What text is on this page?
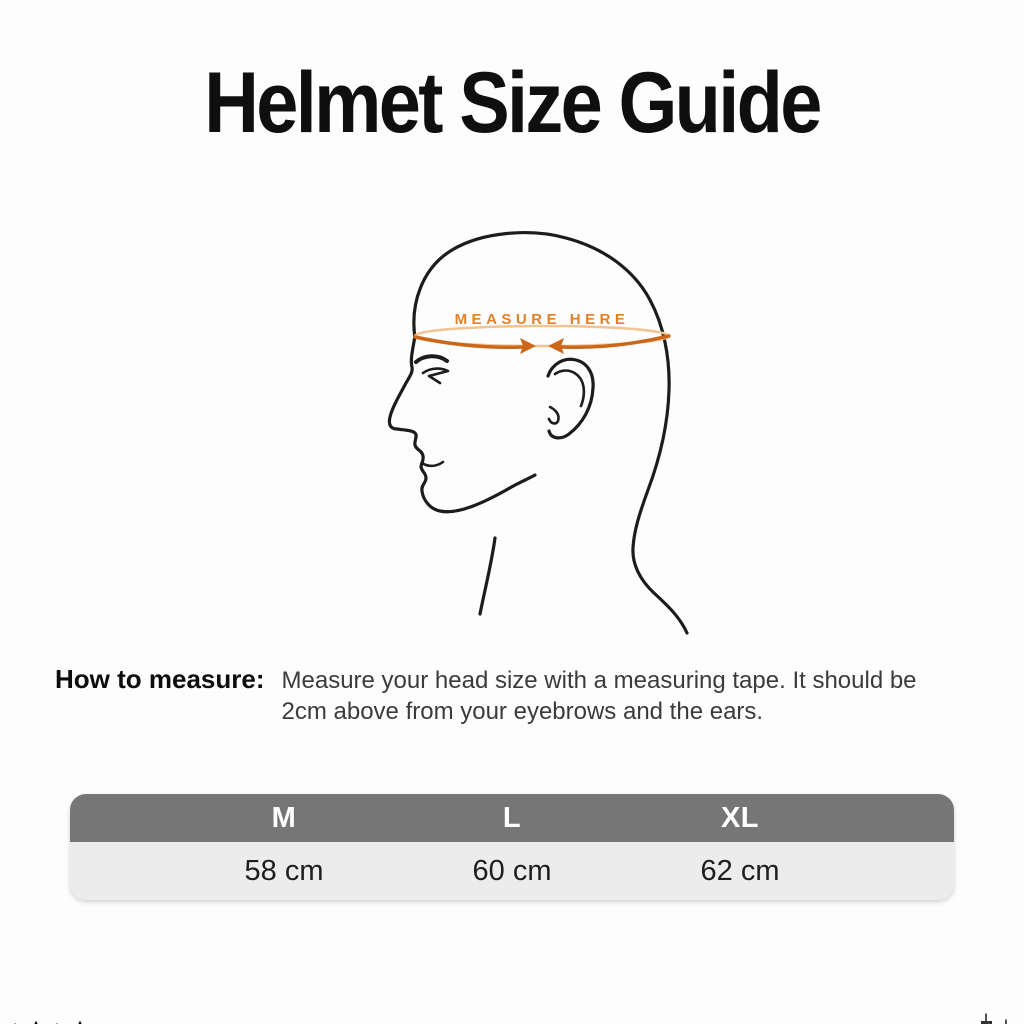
Helmet Size Guide
MEASURE HERE
How to measure: Measure your head size with a measuring tape. It should be
2cm above from your eyebrows and the ears.
M	L	XL
58 cm	60 cm	62 cm
